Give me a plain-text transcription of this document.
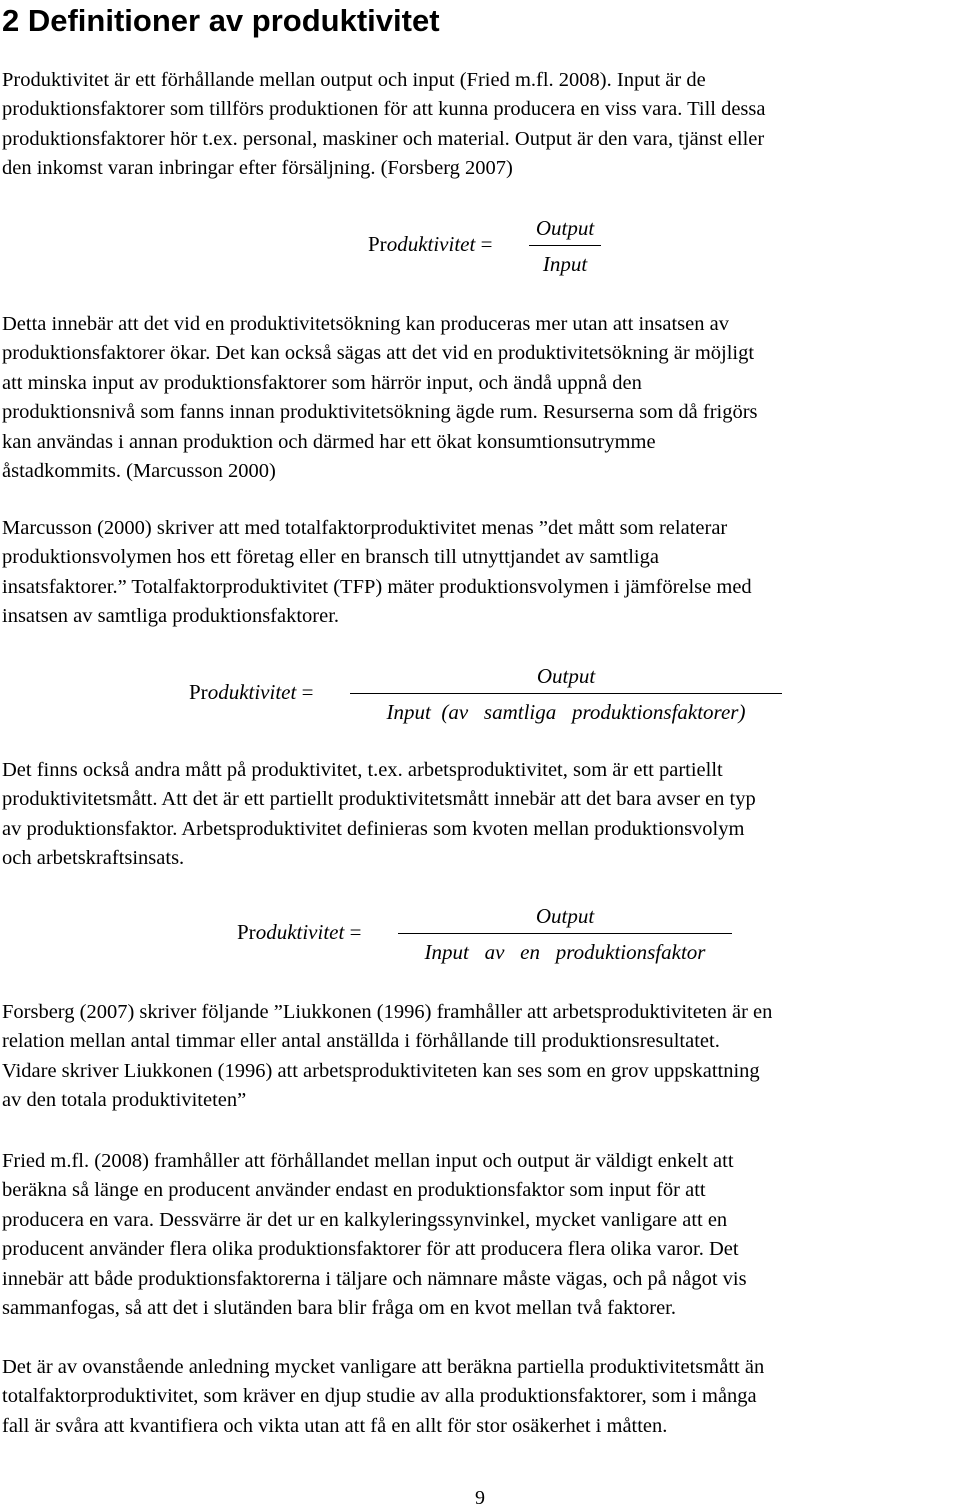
2 Definitioner av produktivitet

Produktivitet är ett förhållande mellan output och input (Fried m.fl. 2008). Input är de
produktionsfaktorer som tillförs produktionen för att kunna producera en viss vara. Till dessa
produktionsfaktorer hör t.ex. personal, maskiner och material. Output är den vara, tjänst eller
den inkomst varan inbringar efter försäljning. (Forsberg 2007)

Produktivitet =
Output
Input

Detta innebär att det vid en produktivitetsökning kan produceras mer utan att insatsen av
produktionsfaktorer ökar. Det kan också sägas att det vid en produktivitetsökning är möjligt
att minska input av produktionsfaktorer som härrör input, och ändå uppnå den
produktionsnivå som fanns innan produktivitetsökning ägde rum. Resurserna som då frigörs
kan användas i annan produktion och därmed har ett ökat konsumtionsutrymme
åstadkommits. (Marcusson 2000)

Marcusson (2000) skriver att med totalfaktorproduktivitet menas ”det mått som relaterar
produktionsvolymen hos ett företag eller en bransch till utnyttjandet av samtliga
insatsfaktorer.” Totalfaktorproduktivitet (TFP) mäter produktionsvolymen i jämförelse med
insatsen av samtliga produktionsfaktorer.

Produktivitet =
Output
Input  (av   samtliga   produktionsfaktorer)

Det finns också andra mått på produktivitet, t.ex. arbetsproduktivitet, som är ett partiellt
produktivitetsmått. Att det är ett partiellt produktivitetsmått innebär att det bara avser en typ
av produktionsfaktor. Arbetsproduktivitet definieras som kvoten mellan produktionsvolym
och arbetskraftsinsats.

Produktivitet =
Output
Input   av   en   produktionsfaktor

Forsberg (2007) skriver följande ”Liukkonen (1996) framhåller att arbetsproduktiviteten är en
relation mellan antal timmar eller antal anställda i förhållande till produktionsresultatet.
Vidare skriver Liukkonen (1996) att arbetsproduktiviteten kan ses som en grov uppskattning
av den totala produktiviteten”

Fried m.fl. (2008) framhåller att förhållandet mellan input och output är väldigt enkelt att
beräkna så länge en producent använder endast en produktionsfaktor som input för att
producera en vara. Dessvärre är det ur en kalkyleringssynvinkel, mycket vanligare att en
producent använder flera olika produktionsfaktorer för att producera flera olika varor. Det
innebär att både produktionsfaktorerna i täljare och nämnare måste vägas, och på något vis
sammanfogas, så att det i slutänden bara blir fråga om en kvot mellan två faktorer.

Det är av ovanstående anledning mycket vanligare att beräkna partiella produktivitetsmått än
totalfaktorproduktivitet, som kräver en djup studie av alla produktionsfaktorer, som i många
fall är svåra att kvantifiera och vikta utan att få en allt för stor osäkerhet i måtten.

9
